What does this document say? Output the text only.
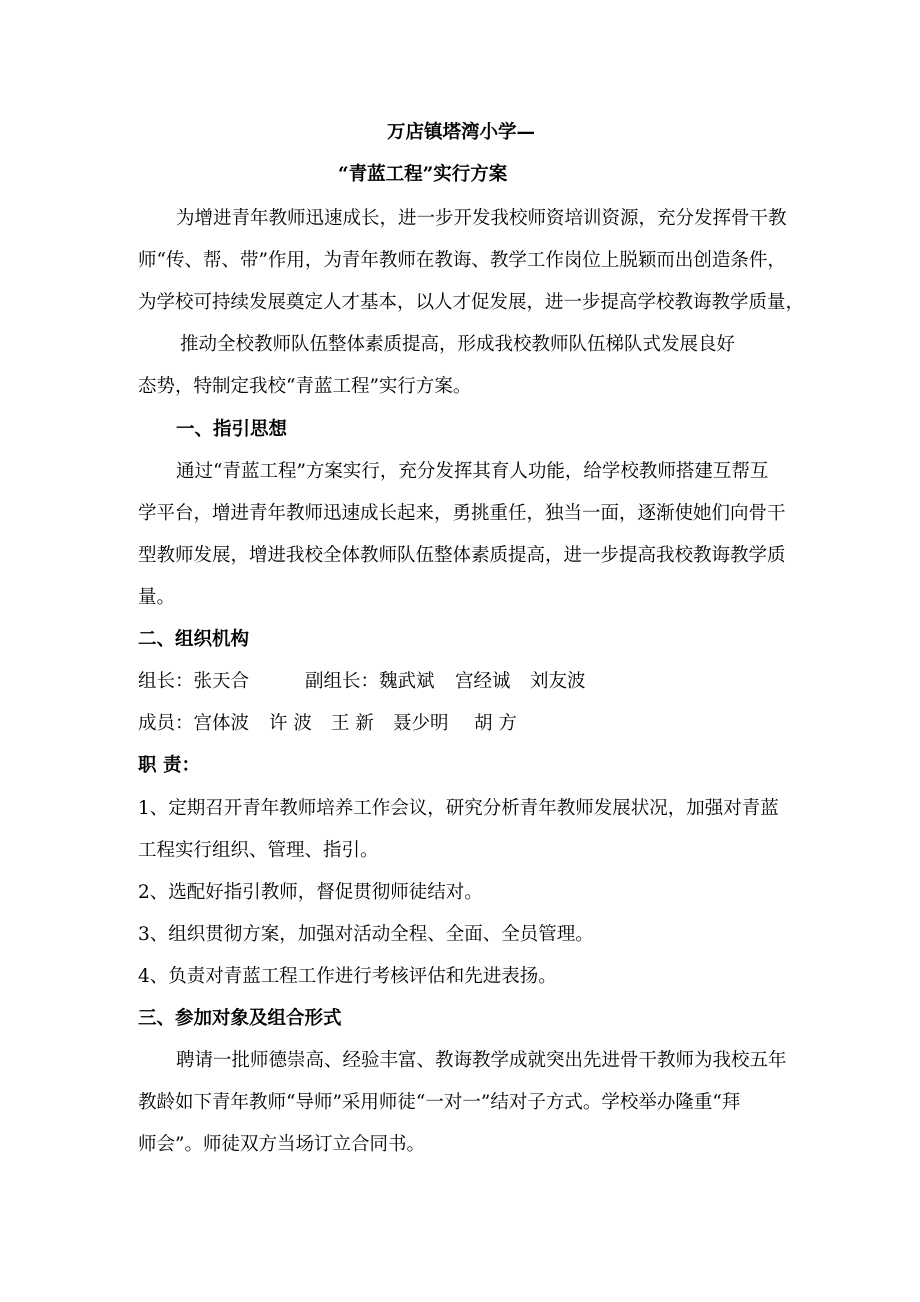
万店镇塔湾小学—
“青蓝工程”实行方案
为增进青年教师迅速成长，进一步开发我校师资培训资源，充分发挥骨干教
师“传、帮、带”作用，为青年教师在教诲、教学工作岗位上脱颖而出创造条件，
为学校可持续发展奠定人才基本，以人才促发展，进一步提高学校教诲教学质量，
推动全校教师队伍整体素质提高，形成我校教师队伍梯队式发展良好
态势，特制定我校“青蓝工程”实行方案。
一、指引思想
通过“青蓝工程”方案实行，充分发挥其育人功能，给学校教师搭建互帮互
学平台，增进青年教师迅速成长起来，勇挑重任，独当一面，逐渐使她们向骨干
型教师发展，增进我校全体教师队伍整体素质提高，进一步提高我校教诲教学质
量。
二、组织机构
组长：张天合	副组长：魏武斌 宫经诚 刘友波
成员：宫体波 许 波 王 新 聂少明 胡 方
职 责：
1、定期召开青年教师培养工作会议，研究分析青年教师发展状况，加强对青蓝
工程实行组织、管理、指引。
2、选配好指引教师，督促贯彻师徒结对。
3、组织贯彻方案，加强对活动全程、全面、全员管理。
4、负责对青蓝工程工作进行考核评估和先进表扬。
三、参加对象及组合形式
聘请一批师德崇高、经验丰富、教诲教学成就突出先进骨干教师为我校五年
教龄如下青年教师“导师”采用师徒“一对一”结对子方式。学校举办隆重“拜
师会”。师徒双方当场订立合同书。
